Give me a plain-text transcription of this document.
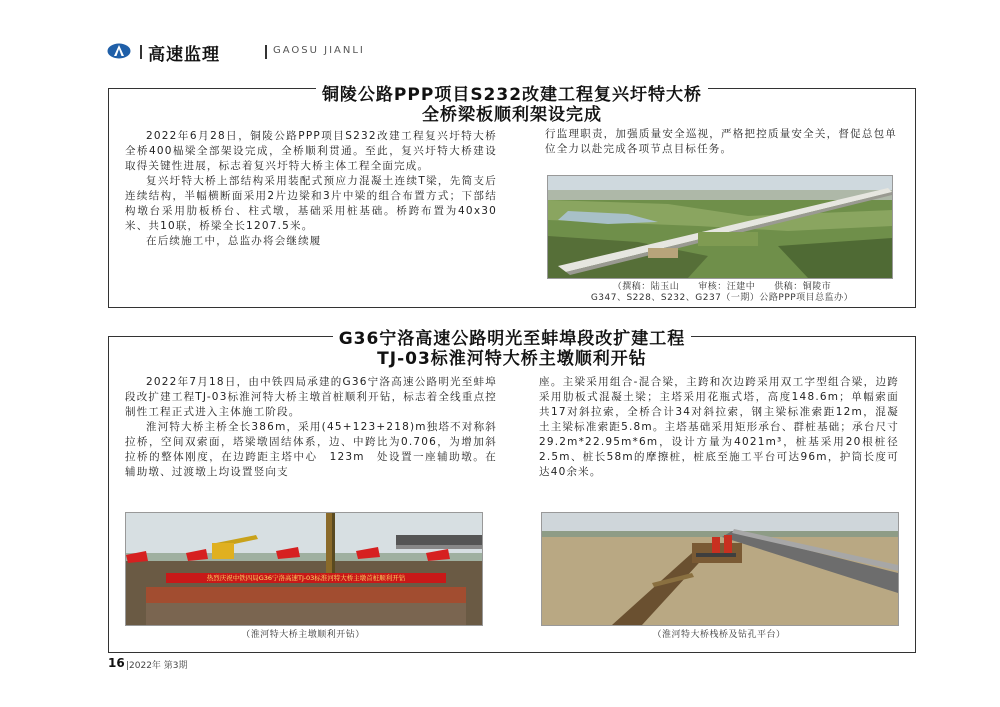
高速监理	GAOSU JIANLI
铜陵公路PPP项目S232改建工程复兴圩特大桥
全桥梁板顺利架设完成

2022年6月28日，铜陵公路PPP项目S232改建工程复兴圩特大桥全桥400榀梁全部架设完成，全桥顺利贯通。至此，复兴圩特大桥建设取得关键性进展，标志着复兴圩特大桥主体工程全面完成。

复兴圩特大桥上部结构采用装配式预应力混凝土连续T梁，先简支后连续结构，半幅横断面采用2片边梁和3片中梁的组合布置方式；下部结构墩台采用肋板桥台、柱式墩，基础采用桩基础。桥跨布置为40x30米、共10联，桥梁全长1207.5米。

在后续施工中，总监办将会继续履

行监理职责，加强质量安全巡视，严格把控质量安全关，督促总包单位全力以赴完成各项节点目标任务。

（撰稿：陆玉山　　审核：汪建中　　供稿：铜陵市
G347、S228、S232、G237（一期）公路PPP项目总监办）
G36宁洛高速公路明光至蚌埠段改扩建工程
TJ-03标淮河特大桥主墩顺利开钻

2022年7月18日，由中铁四局承建的G36宁洛高速公路明光至蚌埠段改扩建工程TJ-03标淮河特大桥主墩首桩顺利开钻，标志着全线重点控制性工程正式进入主体施工阶段。

淮河特大桥主桥全长386m，采用(45+123+218)m独塔不对称斜拉桥，空间双索面，塔梁墩固结体系，边、中跨比为0.706，为增加斜拉桥的整体刚度，在边跨距主塔中心　123m　处设置一座辅助墩。在辅助墩、过渡墩上均设置竖向支

座。主梁采用组合-混合梁，主跨和次边跨采用双工字型组合梁，边跨采用肋板式混凝土梁；主塔采用花瓶式塔，高度148.6m；单幅索面共17对斜拉索，全桥合计34对斜拉索，钢主梁标准索距12m，混凝土主梁标准索距5.8m。主塔基础采用矩形承台、群桩基础；承台尺寸29.2m*22.95m*6m，设计方量为4021m³，桩基采用20根桩径2.5m、桩长58m的摩擦桩，桩底至施工平台可达96m，护筒长度可达40余米。

热烈庆祝中铁四局G36宁洛高速TJ-03标淮河特大桥主墩首桩顺利开钻
（淮河特大桥主墩顺利开钻）	（淮河特大桥栈桥及钻孔平台）
16 |2022年 第3期
